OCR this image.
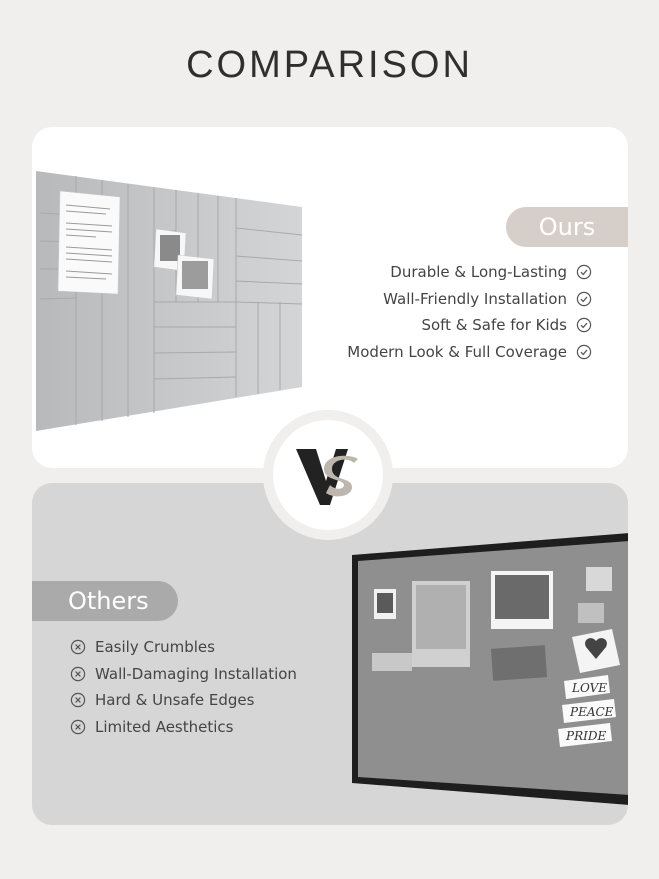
COMPARISON
Ours
Durable & Long-Lasting
Wall-Friendly Installation
Soft & Safe for Kids
Modern Look & Full Coverage
Others
Easily Crumbles
Wall-Damaging Installation
Hard & Unsafe Edges
Limited Aesthetics
LOVE
PEACE
PRIDE
VS
